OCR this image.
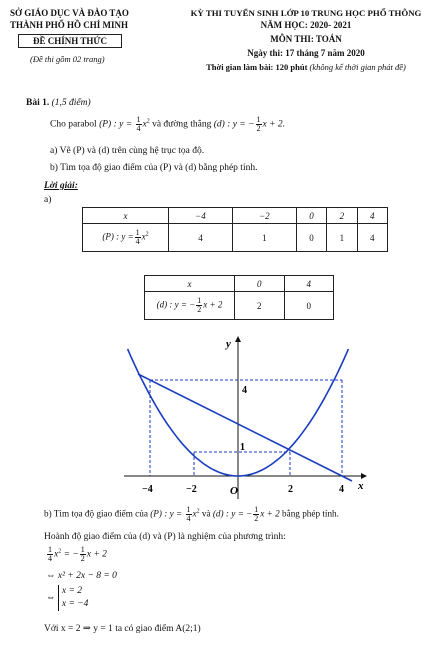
SỞ GIÁO DỤC VÀ ĐÀO TẠO
THÀNH PHỐ HỒ CHÍ MINH
ĐỀ CHÍNH THỨC
(Đề thi gồm 02 trang)
KỲ THI TUYỂN SINH LỚP 10 TRUNG HỌC PHỔ THÔNG
NĂM HỌC: 2020- 2021
MÔN THI: TOÁN
Ngày thi: 17 tháng 7 năm 2020
Thời gian làm bài: 120 phút (không kể thời gian phát đề)
Bài 1. (1,5 điểm)
Cho parabol (P) : $y = \frac{1}{4} x^2$ và đường thẳng (d) : y = − $\frac{1}{2}$ x + 2.
a) Vẽ (P) và (d) trên cùng hệ trục tọa độ.
b) Tìm tọa độ giao điểm của (P) và (d) bằng phép tính.
Lời giải:
a)
x	−4	−2	0	2	4
(P) : $y = \frac{1}{4} x^2$	4	1	0	1	4
x	0	4
(d) : y = − $\frac{1}{2}$ x + 2	2	0
y
x
O
−4	−2	2	4
1
4
b) Tìm tọa độ giao điểm của (P) : $y = \frac{1}{4} x^2$ và (d) : y = − $\frac{1}{2}$ x + 2 bằng phép tính.
Hoành độ giao điểm của (d) và (P) là nghiệm của phương trình:
$\frac{1}{4} x^2$ = − $\frac{1}{2}$ x + 2
⇔ x² + 2x − 8 = 0
⇔
x = 2
x = −4
Với x = 2 ⇒ y = 1 ta có giao điểm A(2;1)
